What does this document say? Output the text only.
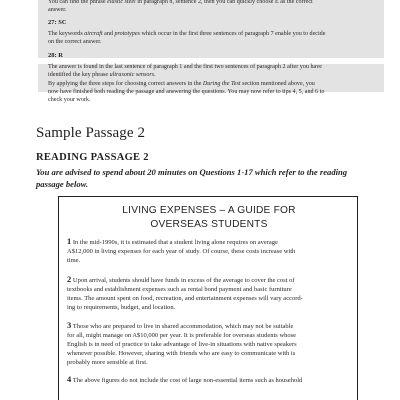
You can find the phrase elastic steel in paragraph 8, sentence 2, then you can quickly choose E as the correct

answer.

27: SC

The keywords aircraft and prototypes which occur in the first three sentences of paragraph 7 enable you to decide

on the correct answer.

28: R

The answer is found in the last sentence of paragraph 1 and the first two sentences of paragraph 2 after you have

identified the key phrase ultrasonic sensors.

By applying the three steps for choosing correct answers in the During the Test section mentioned above, you

now have finished both reading the passage and answering the questions. You may now refer to tips 4, 5, and 6 to

check your work.

Sample Passage 2
READING PASSAGE 2

You are advised to spend about 20 minutes on Questions 1-17 which refer to the reading
passage below.

LIVING EXPENSES – A GUIDE FOR

OVERSEAS STUDENTS

1 In the mid-1990s, it is estimated that a student living alone requires on average

A$12,000 in living expenses for each year of study. Of course, these costs increase with

time.

2 Upon arrival, students should have funds in excess of the average to cover the cost of

textbooks and establishment expenses such as rental bond payment and basic furniture

items. The amount spent on food, recreation, and entertainment expenses will vary accord-

ing to requirements, budget, and location.

3 Those who are prepared to live in shared accommodation, which may not be suitable

for all, might manage on A$10,000 per year. It is preferable for overseas students whose

English is in need of practice to take advantage of live-in situations with native speakers

whenever possible. However, sharing with friends who are easy to communicate with is

probably more sensible at first.

4 The above figures do not include the cost of large non-essential items such as household
